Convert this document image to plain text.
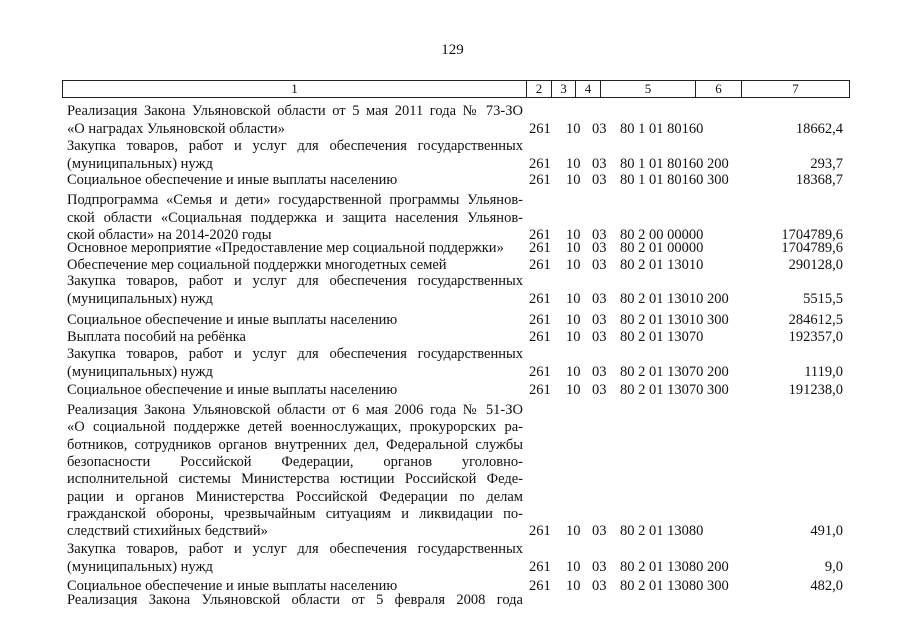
129
1	2	3	4	5	6	7
Реализация Закона Ульяновской области от 5 мая 2011 года № 73-ЗО
«О наградах Ульяновской области»	261 10 03 80 1 01 80160	18662,4
Закупка товаров, работ и услуг для обеспечения государственных
(муниципальных) нужд	261 10 03 80 1 01 80160 200	293,7
Социальное обеспечение и иные выплаты населению	261 10 03 80 1 01 80160 300	18368,7
Подпрограмма «Семья и дети» государственной программы Ульянов-
ской области «Социальная поддержка и защита населения Ульянов-
ской области» на 2014-2020 годы	261 10 03 80 2 00 00000	1704789,6
Основное мероприятие «Предоставление мер социальной поддержки»	261 10 03 80 2 01 00000	1704789,6
Обеспечение мер социальной поддержки многодетных семей	261 10 03 80 2 01 13010	290128,0
Закупка товаров, работ и услуг для обеспечения государственных
(муниципальных) нужд	261 10 03 80 2 01 13010 200	5515,5
Социальное обеспечение и иные выплаты населению	261 10 03 80 2 01 13010 300	284612,5
Выплата пособий на ребёнка	261 10 03 80 2 01 13070	192357,0
Закупка товаров, работ и услуг для обеспечения государственных
(муниципальных) нужд	261 10 03 80 2 01 13070 200	1119,0
Социальное обеспечение и иные выплаты населению	261 10 03 80 2 01 13070 300	191238,0
Реализация Закона Ульяновской области от 6 мая 2006 года № 51-ЗО
«О социальной поддержке детей военнослужащих, прокурорских ра-
ботников, сотрудников органов внутренних дел, Федеральной службы
безопасности Российской Федерации, органов уголовно-
исполнительной системы Министерства юстиции Российской Феде-
рации и органов Министерства Российской Федерации по делам
гражданской обороны, чрезвычайным ситуациям и ликвидации по-
следствий стихийных бедствий»	261 10 03 80 2 01 13080	491,0
Закупка товаров, работ и услуг для обеспечения государственных
(муниципальных) нужд	261 10 03 80 2 01 13080 200	9,0
Социальное обеспечение и иные выплаты населению	261 10 03 80 2 01 13080 300	482,0
Реализация Закона Ульяновской области от 5 февраля 2008 года
